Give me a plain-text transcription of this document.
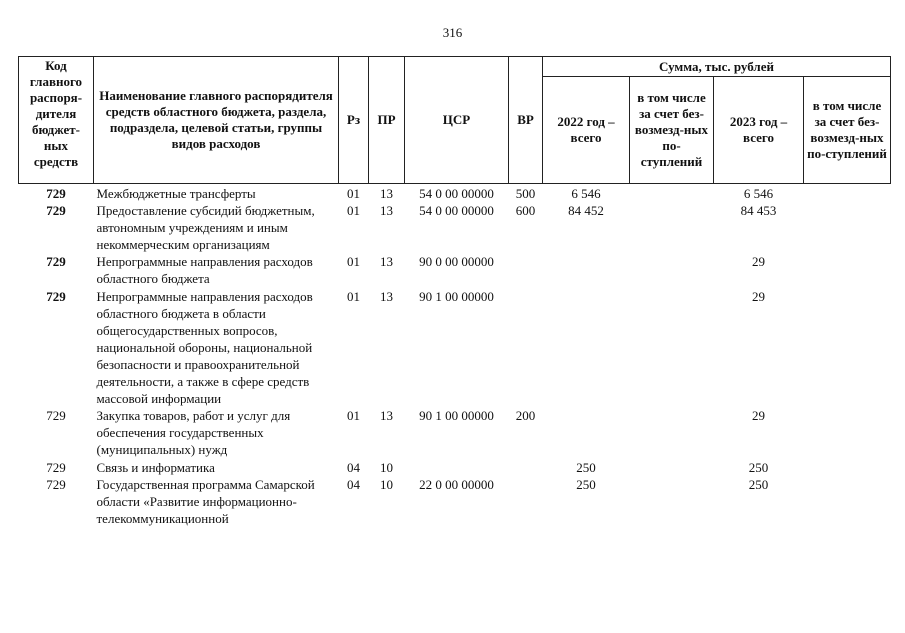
316
Код главного распоря-дителя бюджет-ных средств	Наименование главного распорядителя средств областного бюджета, раздела, подраздела, целевой статьи, группы видов расходов	Рз	ПР	ЦСР	ВР	Сумма, тыс. рублей			
						2022 год – всего	в том числе за счет без-возмезд-ных по-ступлений	2023 год – всего	в том числе за счет без-возмезд-ных по-ступлений
729	Межбюджетные трансферты	01	13	54 0 00 00000	500	6 546		6 546	
729	Предоставление субсидий бюджетным, автономным учреждениям и иным некоммерческим организациям	01	13	54 0 00 00000	600	84 452		84 453	
729	Непрограммные направления расходов областного бюджета	01	13	90 0 00 00000				29	
729	Непрограммные направления расходов областного бюджета в области общегосударственных вопросов, национальной обороны, национальной безопасности и правоохранительной деятельности, а также в сфере средств массовой информации	01	13	90 1 00 00000				29	
729	Закупка товаров, работ и услуг для обеспечения государственных (муниципальных) нужд	01	13	90 1 00 00000	200			29	
729	Связь и информатика	04	10			250		250	
729	Государственная программа Самарской области «Развитие информационно-телекоммуникационной	04	10	22 0 00 00000		250		250	
